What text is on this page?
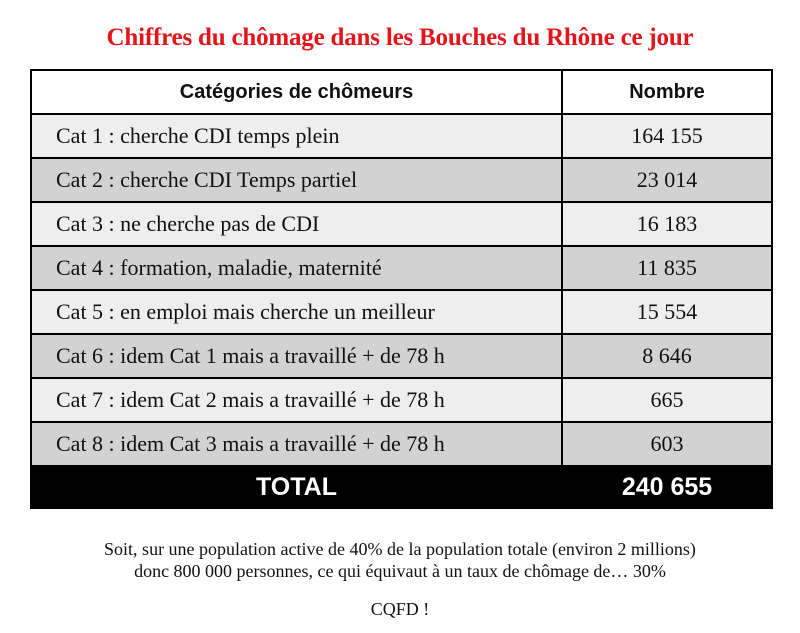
Chiffres du chômage dans les Bouches du Rhône ce jour
Catégories de chômeurs	Nombre
Cat 1 : cherche CDI temps plein	164 155
Cat 2 : cherche CDI Temps partiel	23 014
Cat 3 : ne cherche pas de CDI	16 183
Cat 4 : formation, maladie, maternité	11 835
Cat 5 : en emploi mais cherche un meilleur	15 554
Cat 6 : idem Cat 1 mais a travaillé + de 78 h	8 646
Cat 7 : idem Cat 2 mais a travaillé + de 78 h	665
Cat 8 : idem Cat 3 mais a travaillé + de 78 h	603
TOTAL	240 655
Soit, sur une population active de 40% de la population totale (environ 2 millions)
donc 800 000 personnes, ce qui équivaut à un taux de chômage de… 30%
CQFD !
